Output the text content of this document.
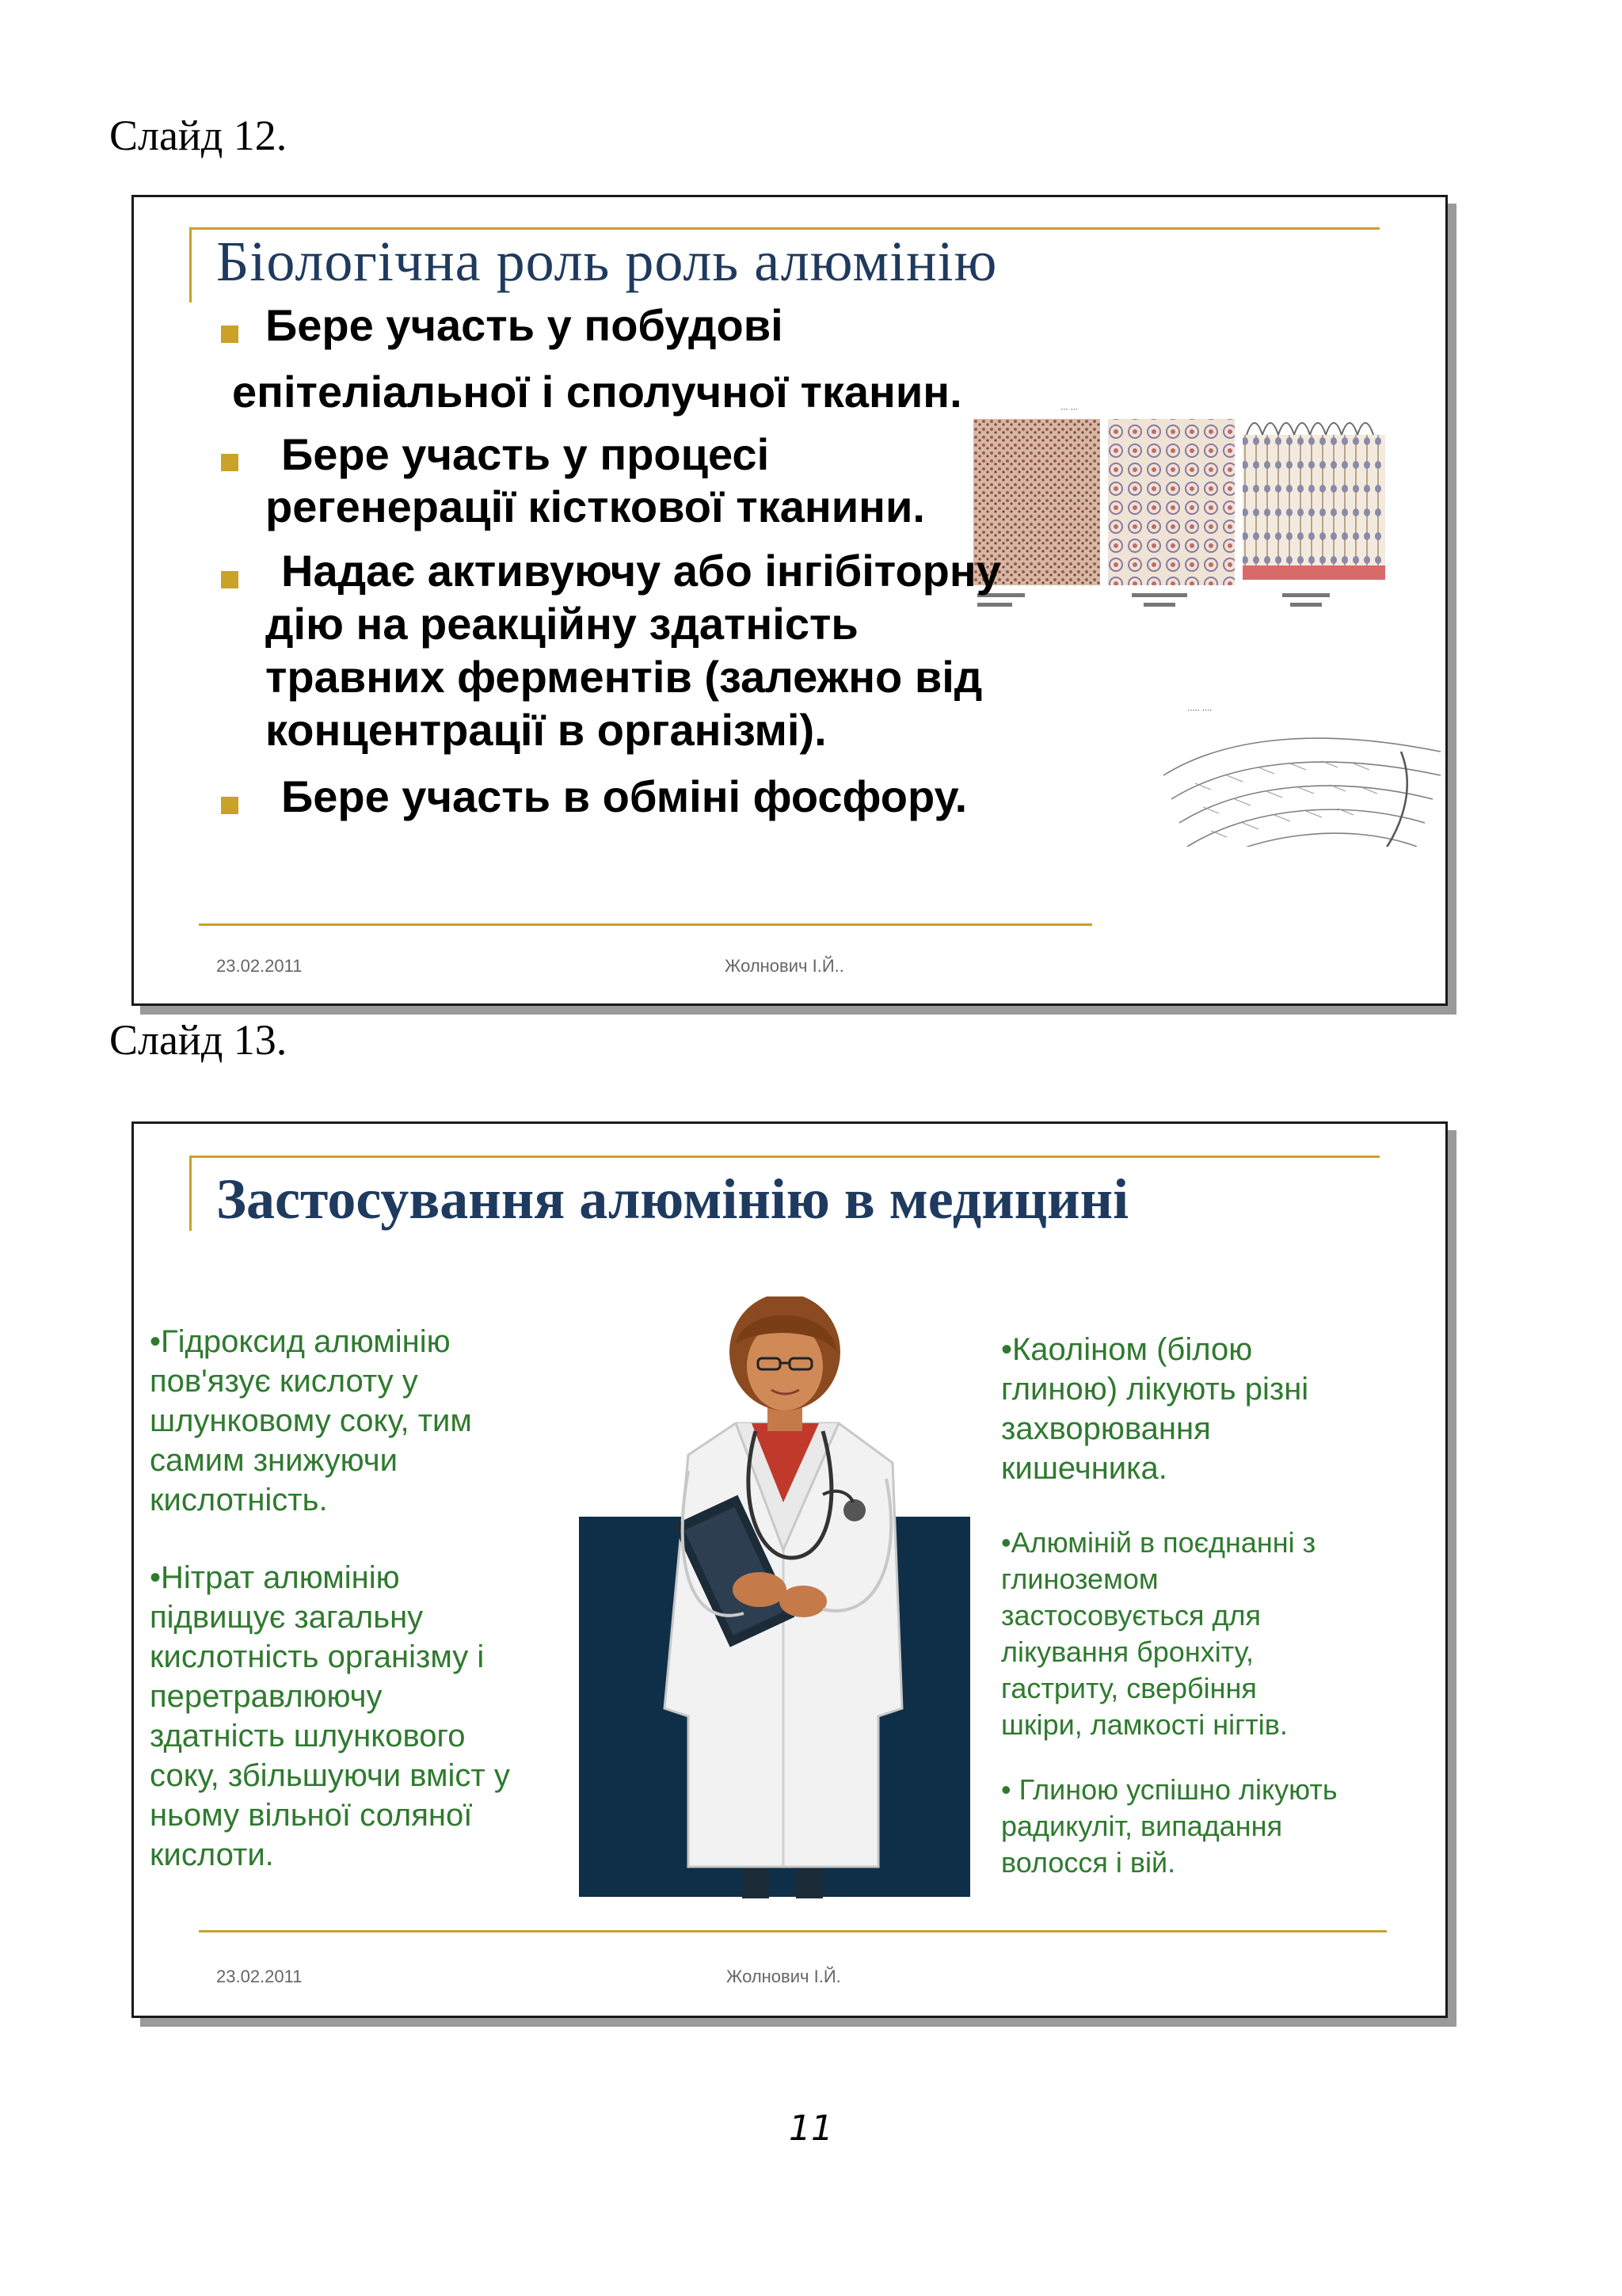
Слайд 12.
Біологічна роль роль алюмінію
ᐧᐧᐧ ᐧᐧᐧ
ᐧᐧᐧᐧᐧ ᐧᐧᐧᐧ
Бере участь у побудові
епітеліальної і сполучної тканин.
Бере участь у процесі
регенерації кісткової тканини.
Надає активуючу або інгібіторну
дію на реакційну здатність
травних ферментів (залежно від
концентрації в організмі).
Бере участь в обміні фосфору.
23.02.2011	Жолнович І.Й..
Слайд 13.
Застосування алюмінію в медицині
•Гідроксид алюмінію
пов'язує кислоту у
шлунковому соку, тим
самим знижуючи
кислотність.
•Нітрат алюмінію
підвищує загальну
кислотність організму і
перетравлюючу
здатність шлункового
соку, збільшуючи вміст у
ньому вільної соляної
кислоти.
•Каоліном (білою
глиною) лікують різні
захворювання
кишечника.
•Алюміній в поєднанні з
глиноземом
застосовується для
лікування бронхіту,
гастриту, свербіння
шкіри, ламкості нігтів.
• Глиною успішно лікують
радикуліт, випадання
волосся і вій.
23.02.2011	Жолнович І.Й.
11
